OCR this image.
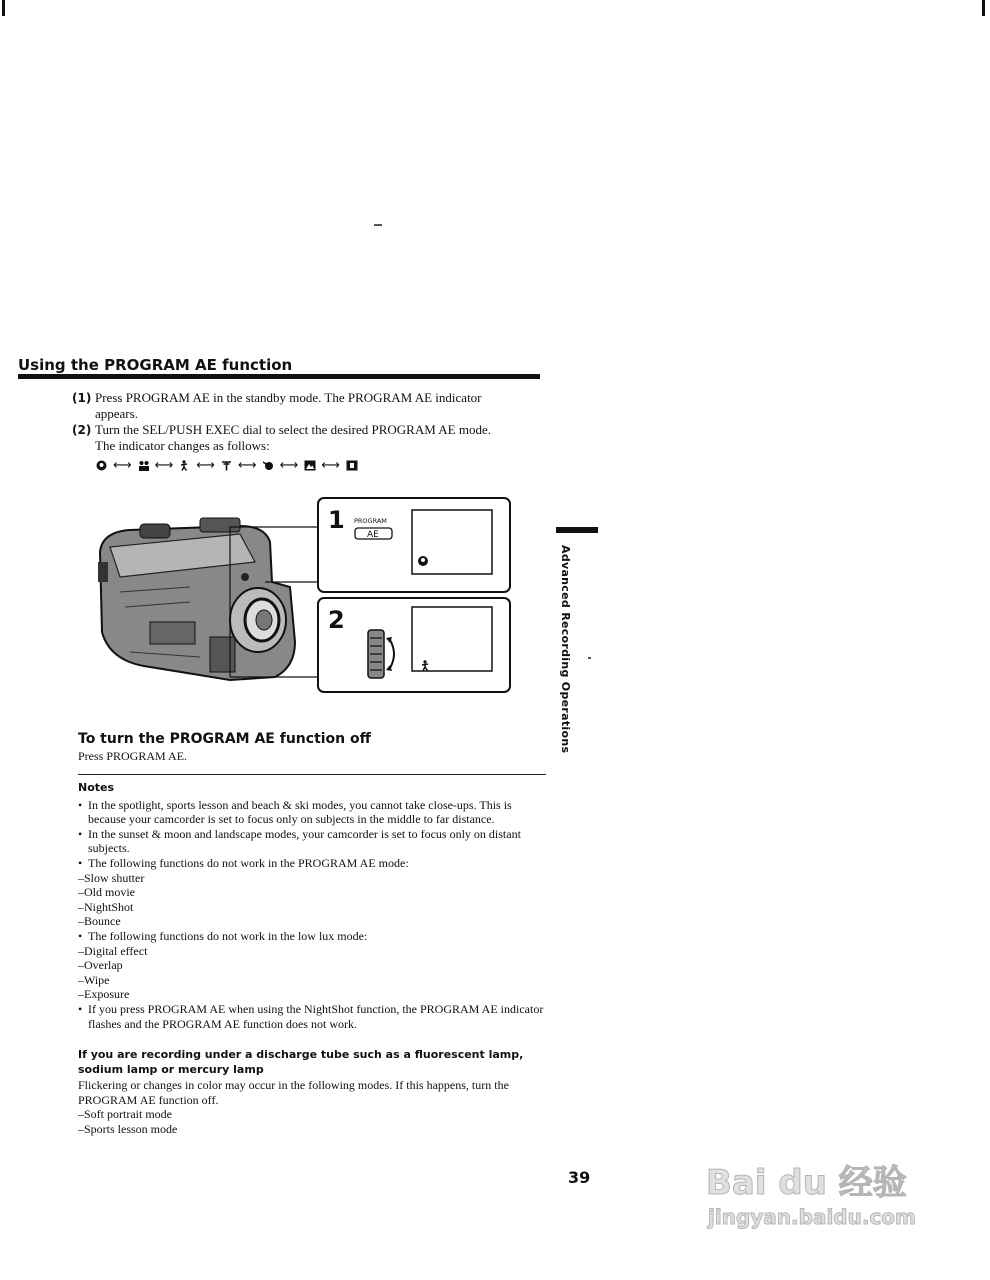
Using the PROGRAM AE function
(1) Press PROGRAM AE in the standby mode. The PROGRAM AE indicator
appears.
(2) Turn the SEL/PUSH EXEC dial to select the desired PROGRAM AE mode.
The indicator changes as follows:
⟷ ⟷ ⟷ ⟷ ⟷ ⟷
1 PROGRAM
AE
2	Advanced Recording Operations
To turn the PROGRAM AE function off
Press PROGRAM AE.
Notes
• In the spotlight, sports lesson and beach & ski modes, you cannot take close-ups. This is because your camcorder is set to focus only on subjects in the middle to far distance.
• In the sunset & moon and landscape modes, your camcorder is set to focus only on distant subjects.
• The following functions do not work in the PROGRAM AE mode:
–Slow shutter
–Old movie
–NightShot
–Bounce
• The following functions do not work in the low lux mode:
–Digital effect
–Overlap
–Wipe
–Exposure
• If you press PROGRAM AE when using the NightShot function, the PROGRAM AE indicator flashes and the PROGRAM AE function does not work.
If you are recording under a discharge tube such as a fluorescent lamp, sodium lamp or mercury lamp
Flickering or changes in color may occur in the following modes. If this happens, turn the PROGRAM AE function off.
–Soft portrait mode
–Sports lesson mode
39	Bai du 经验
jingyan.baidu.com
